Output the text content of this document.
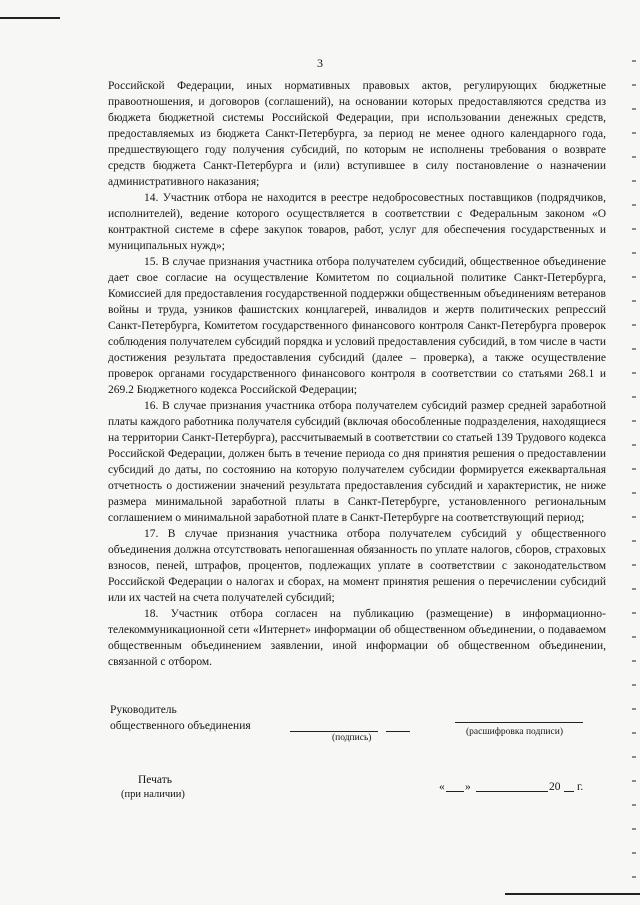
3

Российской Федерации, иных нормативных правовых актов, регулирующих бюджетные правоотношения, и договоров (соглашений), на основании которых предоставляются средства из бюджета бюджетной системы Российской Федерации, при использовании денежных средств, предоставляемых из бюджета Санкт-Петербурга, за период не менее одного календарного года, предшествующего году получения субсидий, по которым не исполнены требования о возврате средств бюджета Санкт-Петербурга и (или) вступившее в силу постановление о назначении административного наказания;

14. Участник отбора не находится в реестре недобросовестных поставщиков (подрядчиков, исполнителей), ведение которого осуществляется в соответствии с Федеральным законом «О контрактной системе в сфере закупок товаров, работ, услуг для обеспечения государственных и муниципальных нужд»;

15. В случае признания участника отбора получателем субсидий, общественное объединение дает свое согласие на осуществление Комитетом по социальной политике Санкт-Петербурга, Комиссией для предоставления государственной поддержки общественным объединениям ветеранов войны и труда, узников фашистских концлагерей, инвалидов и жертв политических репрессий Санкт-Петербурга, Комитетом государственного финансового контроля Санкт-Петербурга проверок соблюдения получателем субсидий порядка и условий предоставления субсидий, в том числе в части достижения результата предоставления субсидий (далее – проверка), а также осуществление проверок органами государственного финансового контроля в соответствии со статьями 268.1 и 269.2 Бюджетного кодекса Российской Федерации;

16. В случае признания участника отбора получателем субсидий размер средней заработной платы каждого работника получателя субсидий (включая обособленные подразделения, находящиеся на территории Санкт-Петербурга), рассчитываемый в соответствии со статьей 139 Трудового кодекса Российской Федерации, должен быть в течение периода со дня принятия решения о предоставлении субсидий до даты, по состоянию на которую получателем субсидии формируется ежеквартальная отчетность о достижении значений результата предоставления субсидий и характеристик, не ниже размера минимальной заработной платы в Санкт-Петербурге, установленного региональным соглашением о минимальной заработной плате в Санкт-Петербурге на соответствующий период;

17. В случае признания участника отбора получателем субсидий у общественного объединения должна отсутствовать непогашенная обязанность по уплате налогов, сборов, страховых взносов, пеней, штрафов, процентов, подлежащих уплате в соответствии с законодательством Российской Федерации о налогах и сборах, на момент принятия решения о перечислении субсидий или их частей на счета получателей субсидий;

18. Участник отбора согласен на публикацию (размещение) в информационно-телекоммуникационной сети «Интернет» информации об общественном объединении, о подаваемом общественным объединением заявлении, иной информации об общественном объединении, связанной с отбором.

Руководитель
общественного объединения
(подпись)
(расшифровка подписи)
Печать
(при наличии)
« »	20 г.
